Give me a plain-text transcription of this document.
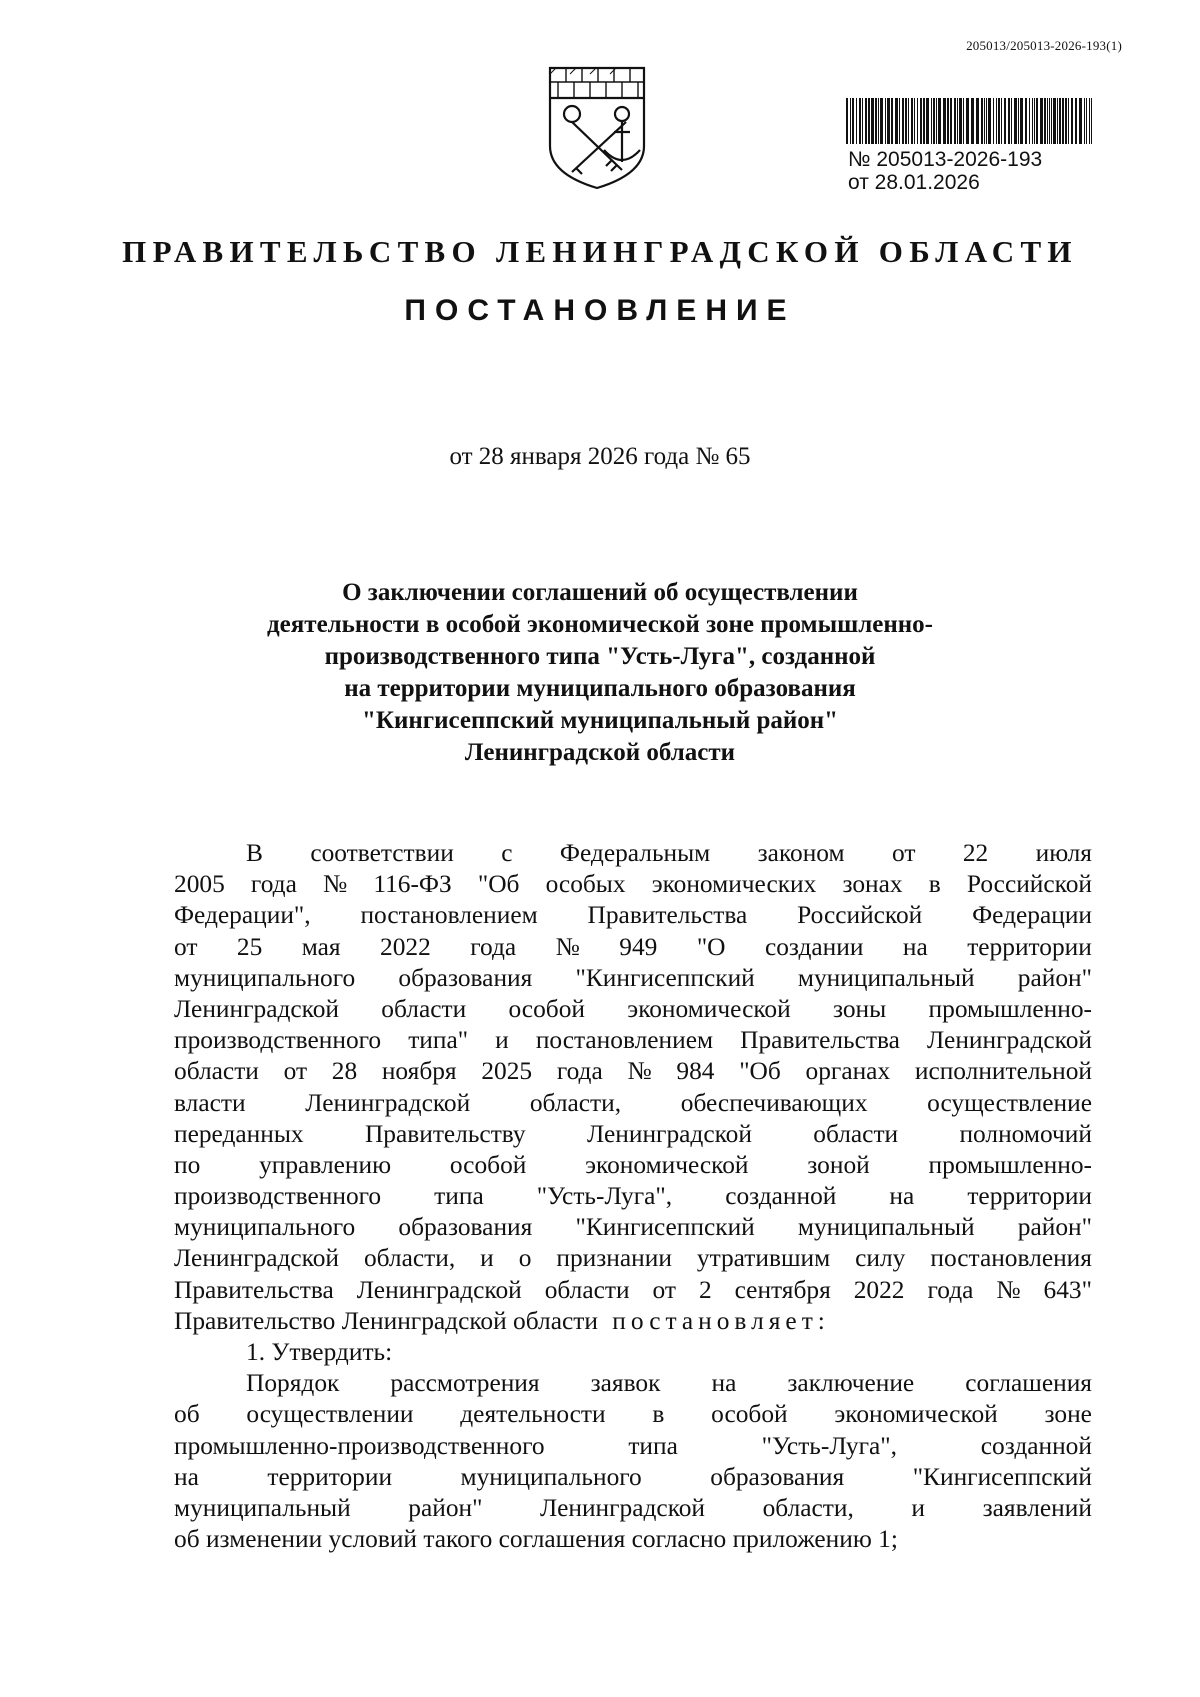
205013/205013-2026-193(1)
№ 205013-2026-193
от 28.01.2026
ПРАВИТЕЛЬСТВО ЛЕНИНГРАДСКОЙ ОБЛАСТИ
ПОСТАНОВЛЕНИЕ
от 28 января 2026 года № 65
О заключении соглашений об осуществлении
деятельности в особой экономической зоне промышленно-
производственного типа "Усть-Луга", созданной
на территории муниципального образования
"Кингисеппский муниципальный район"
Ленинградской области
В соответствии с Федеральным законом от 22 июля
2005 года № 116-ФЗ "Об особых экономических зонах в Российской
Федерации", постановлением Правительства Российской Федерации
от 25 мая 2022 года № 949 "О создании на территории
муниципального образования "Кингисеппский муниципальный район"
Ленинградской области особой экономической зоны промышленно-
производственного типа" и постановлением Правительства Ленинградской
области от 28 ноября 2025 года № 984 "Об органах исполнительной
власти Ленинградской области, обеспечивающих осуществление
переданных Правительству Ленинградской области полномочий
по управлению особой экономической зоной промышленно-
производственного типа "Усть-Луга", созданной на территории
муниципального образования "Кингисеппский муниципальный район"
Ленинградской области, и о признании утратившим силу постановления
Правительства Ленинградской области от 2 сентября 2022 года № 643"
Правительство Ленинградской области постановляет:
1. Утвердить:
Порядок рассмотрения заявок на заключение соглашения
об осуществлении деятельности в особой экономической зоне
промышленно-производственного	типа	"Усть-Луга",	созданной
на	территории	муниципального	образования	"Кингисеппский
муниципальный район" Ленинградской области, и заявлений
об изменении условий такого соглашения согласно приложению 1;
